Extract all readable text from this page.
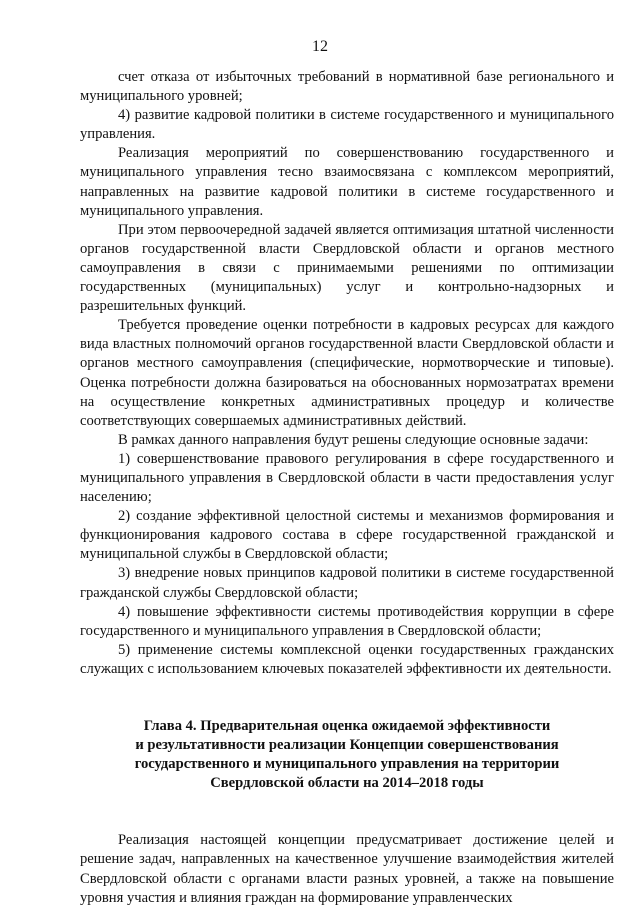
12

счет отказа от избыточных требований в нормативной базе регионального и муниципального уровней;

4) развитие кадровой политики в системе государственного и муниципального управления.

Реализация мероприятий по совершенствованию государственного и муниципального управления тесно взаимосвязана с комплексом мероприятий, направленных на развитие кадровой политики в системе государственного и муниципального управления.

При этом первоочередной задачей является оптимизация штатной численности органов государственной власти Свердловской области и органов местного самоуправления в связи с принимаемыми решениями по оптимизации государственных (муниципальных) услуг и контрольно-надзорных и разрешительных функций.

Требуется проведение оценки потребности в кадровых ресурсах для каждого вида властных полномочий органов государственной власти Свердловской области и органов местного самоуправления (специфические, нормотворческие и типовые). Оценка потребности должна базироваться на обоснованных нормозатратах времени на осуществление конкретных административных процедур и количестве соответствующих совершаемых административных действий.

В рамках данного направления будут решены следующие основные задачи:

1) совершенствование правового регулирования в сфере государственного и муниципального управления в Свердловской области в части предоставления услуг населению;

2) создание эффективной целостной системы и механизмов формирования и функционирования кадрового состава в сфере государственной гражданской и муниципальной службы в Свердловской области;

3) внедрение новых принципов кадровой политики в системе государственной гражданской службы Свердловской области;

4) повышение эффективности системы противодействия коррупции в сфере государственного и муниципального управления в Свердловской области;

5) применение системы комплексной оценки государственных гражданских служащих с использованием ключевых показателей эффективности их деятельности.

Глава 4. Предварительная оценка ожидаемой эффективности
и результативности реализации Концепции совершенствования
государственного и муниципального управления на территории
Свердловской области на 2014–2018 годы

Реализация настоящей концепции предусматривает достижение целей и решение задач, направленных на качественное улучшение взаимодействия жителей Свердловской области с органами власти разных уровней, а также на повышение уровня участия и влияния граждан на формирование управленческих
